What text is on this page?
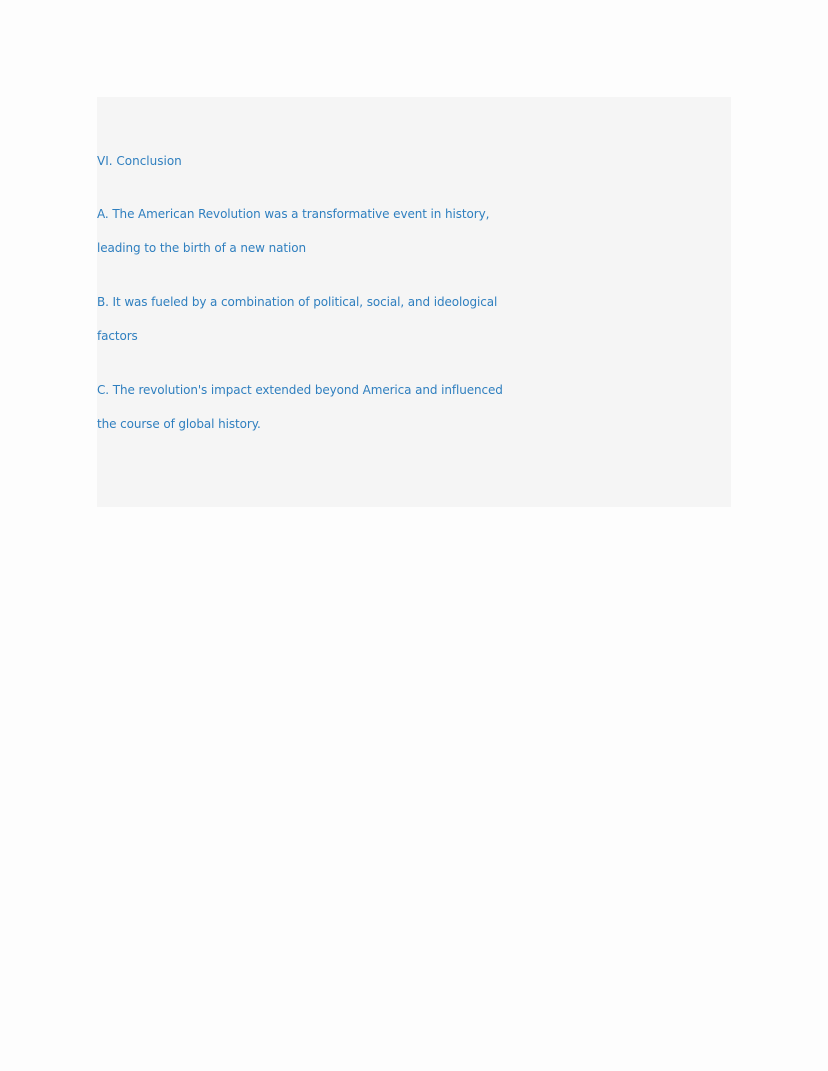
VI. Conclusion

A. The American Revolution was a transformative event in history,
leading to the birth of a new nation

B. It was fueled by a combination of political, social, and ideological
factors

C. The revolution's impact extended beyond America and influenced
the course of global history.
